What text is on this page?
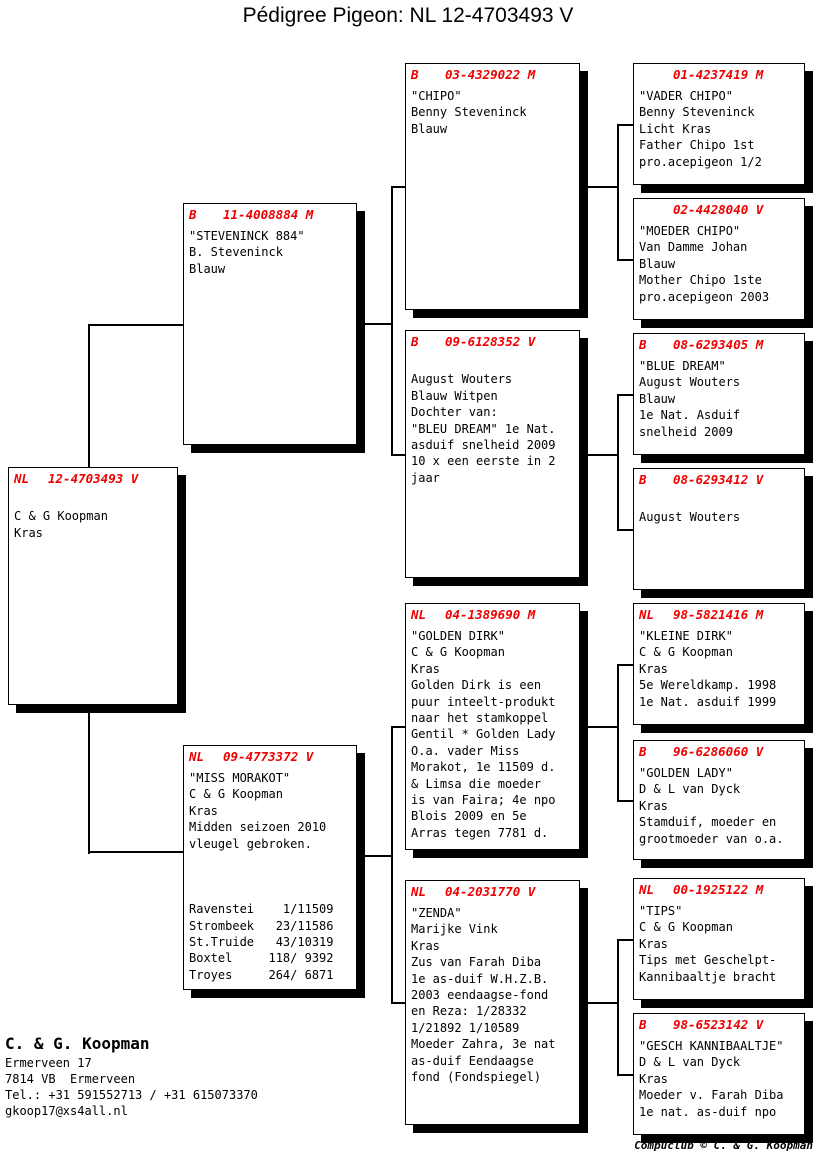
Pédigree Pigeon: NL 12-4703493 V
NL	12-4703493 V
C & G Koopman
Kras
B	11-4008884 M
"STEVENINCK 884"
B. Steveninck
Blauw
NL	09-4773372 V
"MISS MORAKOT"
C & G Koopman
Kras
Midden seizoen 2010
vleugel gebroken.
Ravenstei    1/11509
Strombeek   23/11586
St.Truide   43/10319
Boxtel     118/ 9392
Troyes     264/ 6871
B	03-4329022 M
"CHIPO"
Benny Steveninck
Blauw
B	09-6128352 V
August Wouters
Blauw Witpen
Dochter van:
"BLEU DREAM" 1e Nat.
asduif snelheid 2009
10 x een eerste in 2
jaar
NL	04-1389690 M
"GOLDEN DIRK"
C & G Koopman
Kras
Golden Dirk is een
puur inteelt-produkt
naar het stamkoppel
Gentil * Golden Lady
O.a. vader Miss
Morakot, 1e 11509 d.
& Limsa die moeder
is van Faira; 4e npo
Blois 2009 en 5e
Arras tegen 7781 d.
NL	04-2031770 V
"ZENDA"
Marijke Vink
Kras
Zus van Farah Diba
1e as-duif W.H.Z.B.
2003 eendaagse-fond
en Reza: 1/28332
1/21892 1/10589
Moeder Zahra, 3e nat
as-duif Eendaagse
fond (Fondspiegel)
01-4237419 M
"VADER CHIPO"
Benny Steveninck
Licht Kras
Father Chipo 1st
pro.acepigeon 1/2
02-4428040 V
"MOEDER CHIPO"
Van Damme Johan
Blauw
Mother Chipo 1ste
pro.acepigeon 2003
B	08-6293405 M
"BLUE DREAM"
August Wouters
Blauw
1e Nat. Asduif
snelheid 2009
B	08-6293412 V
August Wouters
NL	98-5821416 M
"KLEINE DIRK"
C & G Koopman
Kras
5e Wereldkamp. 1998
1e Nat. asduif 1999
B	96-6286060 V
"GOLDEN LADY"
D & L van Dyck
Kras
Stamduif, moeder en
grootmoeder van o.a.
NL	00-1925122 M
"TIPS"
C & G Koopman
Kras
Tips met Geschelpt-
Kannibaaltje bracht
B	98-6523142 V
"GESCH KANNIBAALTJE"
D & L van Dyck
Kras
Moeder v. Farah Diba
1e nat. as-duif npo
C. & G. Koopman
Ermerveen 17
7814 VB  Ermerveen
Tel.: +31 591552713 / +31 615073370
gkoop17@xs4all.nl
Compuclub © C. & G. Koopman
